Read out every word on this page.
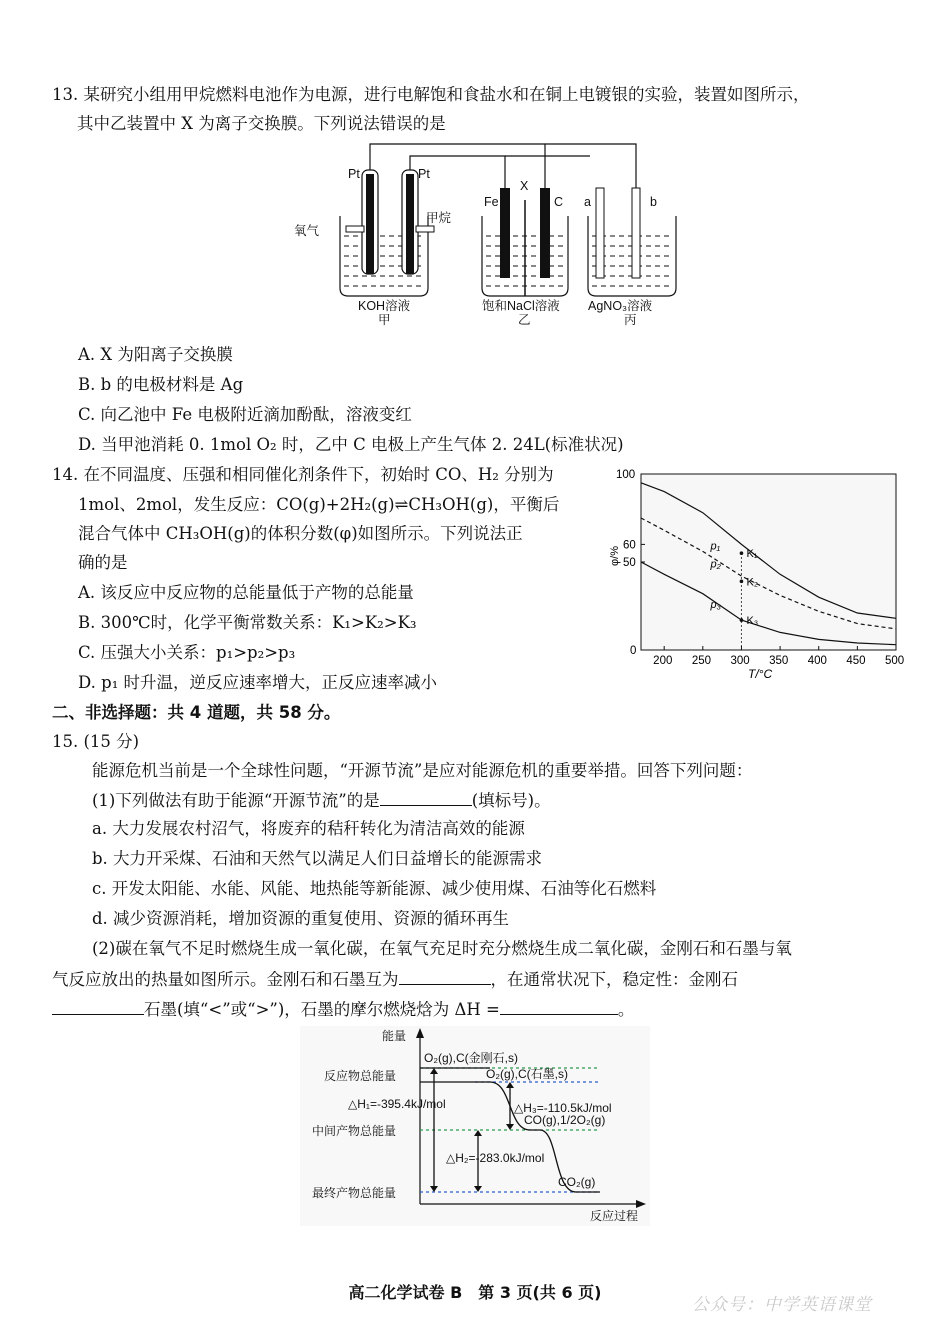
13. 某研究小组用甲烷燃料电池作为电源，进行电解饱和食盐水和在铜上电镀银的实验，装置如图所示，
其中乙装置中 X 为离子交换膜。下列说法错误的是
Pt	Pt
氧气
甲烷
Fe
X
C a	b
KOH溶液
甲
饱和NaCl溶液
乙
AgNO₃溶液
丙
A. X 为阳离子交换膜
B. b 的电极材料是 Ag
C. 向乙池中 Fe 电极附近滴加酚酞，溶液变红
D. 当甲池消耗 0. 1mol O₂ 时，乙中 C 电极上产生气体 2. 24L(标准状况)
14. 在不同温度、压强和相同催化剂条件下，初始时 CO、H₂ 分别为
1mol、2mol，发生反应：CO(g)+2H₂(g)⇌CH₃OH(g)，平衡后
混合气体中 CH₃OH(g)的体积分数(φ)如图所示。下列说法正
确的是
A. 该反应中反应物的总能量低于产物的总能量
B. 300℃时，化学平衡常数关系：K₁>K₂>K₃
C. 压强大小关系：p₁>p₂>p₃
D. p₁ 时升温，逆反应速率增大，正反应速率减小
200 250 300 350 400 450 500
0
50
60
100
p₁
p₂
p₃
K₁
K₂
K₃
φ/%
T/°C
二、非选择题：共 4 道题，共 58 分。
15. (15 分)
能源危机当前是一个全球性问题，“开源节流”是应对能源危机的重要举措。回答下列问题：
(1)下列做法有助于能源“开源节流”的是	(填标号)。
a. 大力发展农村沼气，将废弃的秸秆转化为清洁高效的能源
b. 大力开采煤、石油和天然气以满足人们日益增长的能源需求
c. 开发太阳能、水能、风能、地热能等新能源、减少使用煤、石油等化石燃料
d. 减少资源消耗，增加资源的重复使用、资源的循环再生
(2)碳在氧气不足时燃烧生成一氧化碳，在氧气充足时充分燃烧生成二氧化碳，金刚石和石墨与氧
气反应放出的热量如图所示。金刚石和石墨互为	，在通常状况下，稳定性：金刚石
石墨(填“<”或“>”)，石墨的摩尔燃烧焓为 ΔH =	。
能量
反应过程
反应物总能量
中间产物总能量
最终产物总能量
O₂(g),C(金刚石,s)
O₂(g),C(石墨,s)
CO(g),1/2O₂(g)
CO₂(g)
△H₁=-395.4kJ/mol
△H₂=-283.0kJ/mol
△H₃=-110.5kJ/mol
高二化学试卷 B　第 3 页(共 6 页)
公众号：中学英语课堂
